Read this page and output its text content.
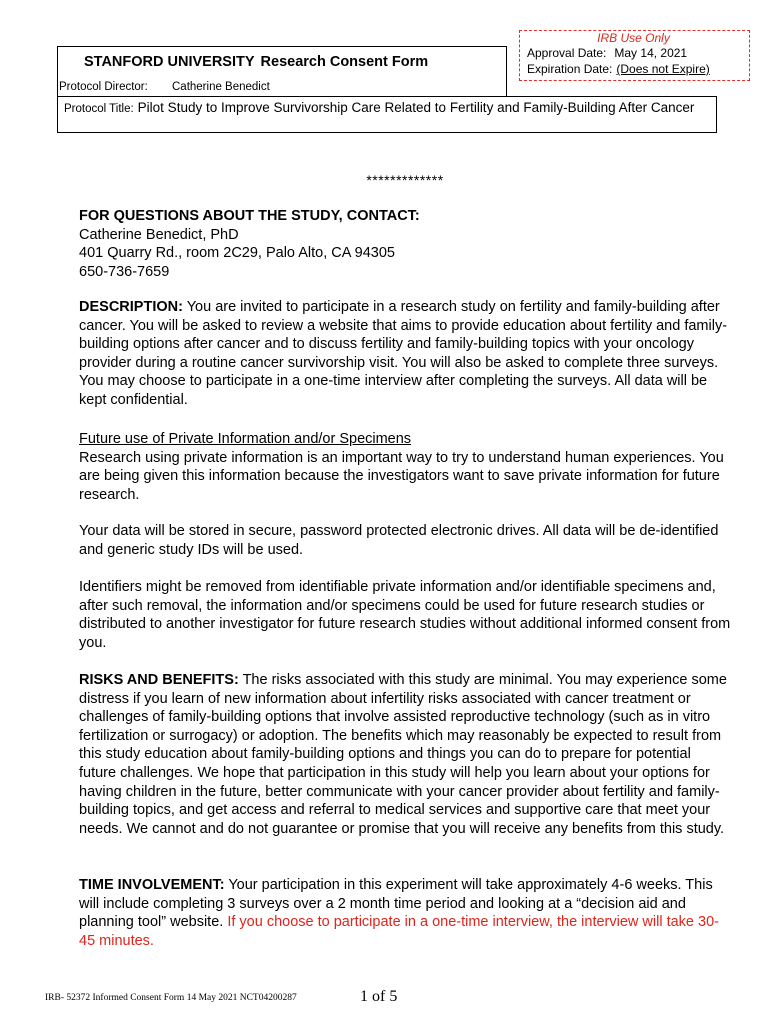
STANFORD UNIVERSITY Research Consent Form
Protocol Director: Catherine Benedict
IRB Use Only
Approval Date: May 14, 2021
Expiration Date: (Does not Expire)
Protocol Title: Pilot Study to Improve Survivorship Care Related to Fertility and Family-Building After Cancer
*************

FOR QUESTIONS ABOUT THE STUDY, CONTACT:

Catherine Benedict, PhD

401 Quarry Rd., room 2C29, Palo Alto, CA 94305

650-736-7659

DESCRIPTION: You are invited to participate in a research study on fertility and family-building after cancer. You will be asked to review a website that aims to provide education about fertility and family-building options after cancer and to discuss fertility and family-building topics with your oncology provider during a routine cancer survivorship visit. You will also be asked to complete three surveys. You may choose to participate in a one-time interview after completing the surveys. All data will be kept confidential.

Future use of Private Information and/or Specimens

Research using private information is an important way to try to understand human experiences. You are being given this information because the investigators want to save private information for future research.

Your data will be stored in secure, password protected electronic drives. All data will be de-identified and generic study IDs will be used.

Identifiers might be removed from identifiable private information and/or identifiable specimens and, after such removal, the information and/or specimens could be used for future research studies or distributed to another investigator for future research studies without additional informed consent from you.

RISKS AND BENEFITS: The risks associated with this study are minimal. You may experience some distress if you learn of new information about infertility risks associated with cancer treatment or challenges of family-building options that involve assisted reproductive technology (such as in vitro fertilization or surrogacy) or adoption. The benefits which may reasonably be expected to result from this study education about family-building options and things you can do to prepare for potential future challenges. We hope that participation in this study will help you learn about your options for having children in the future, better communicate with your cancer provider about fertility and family-building topics, and get access and referral to medical services and supportive care that meet your needs. We cannot and do not guarantee or promise that you will receive any benefits from this study.

TIME INVOLVEMENT: Your participation in this experiment will take approximately 4-6 weeks. This will include completing 3 surveys over a 2 month time period and looking at a “decision aid and planning tool” website. If you choose to participate in a one-time interview, the interview will take 30-45 minutes.

IRB- 52372 Informed Consent Form 14 May 2021 NCT04200287	1 of 5
